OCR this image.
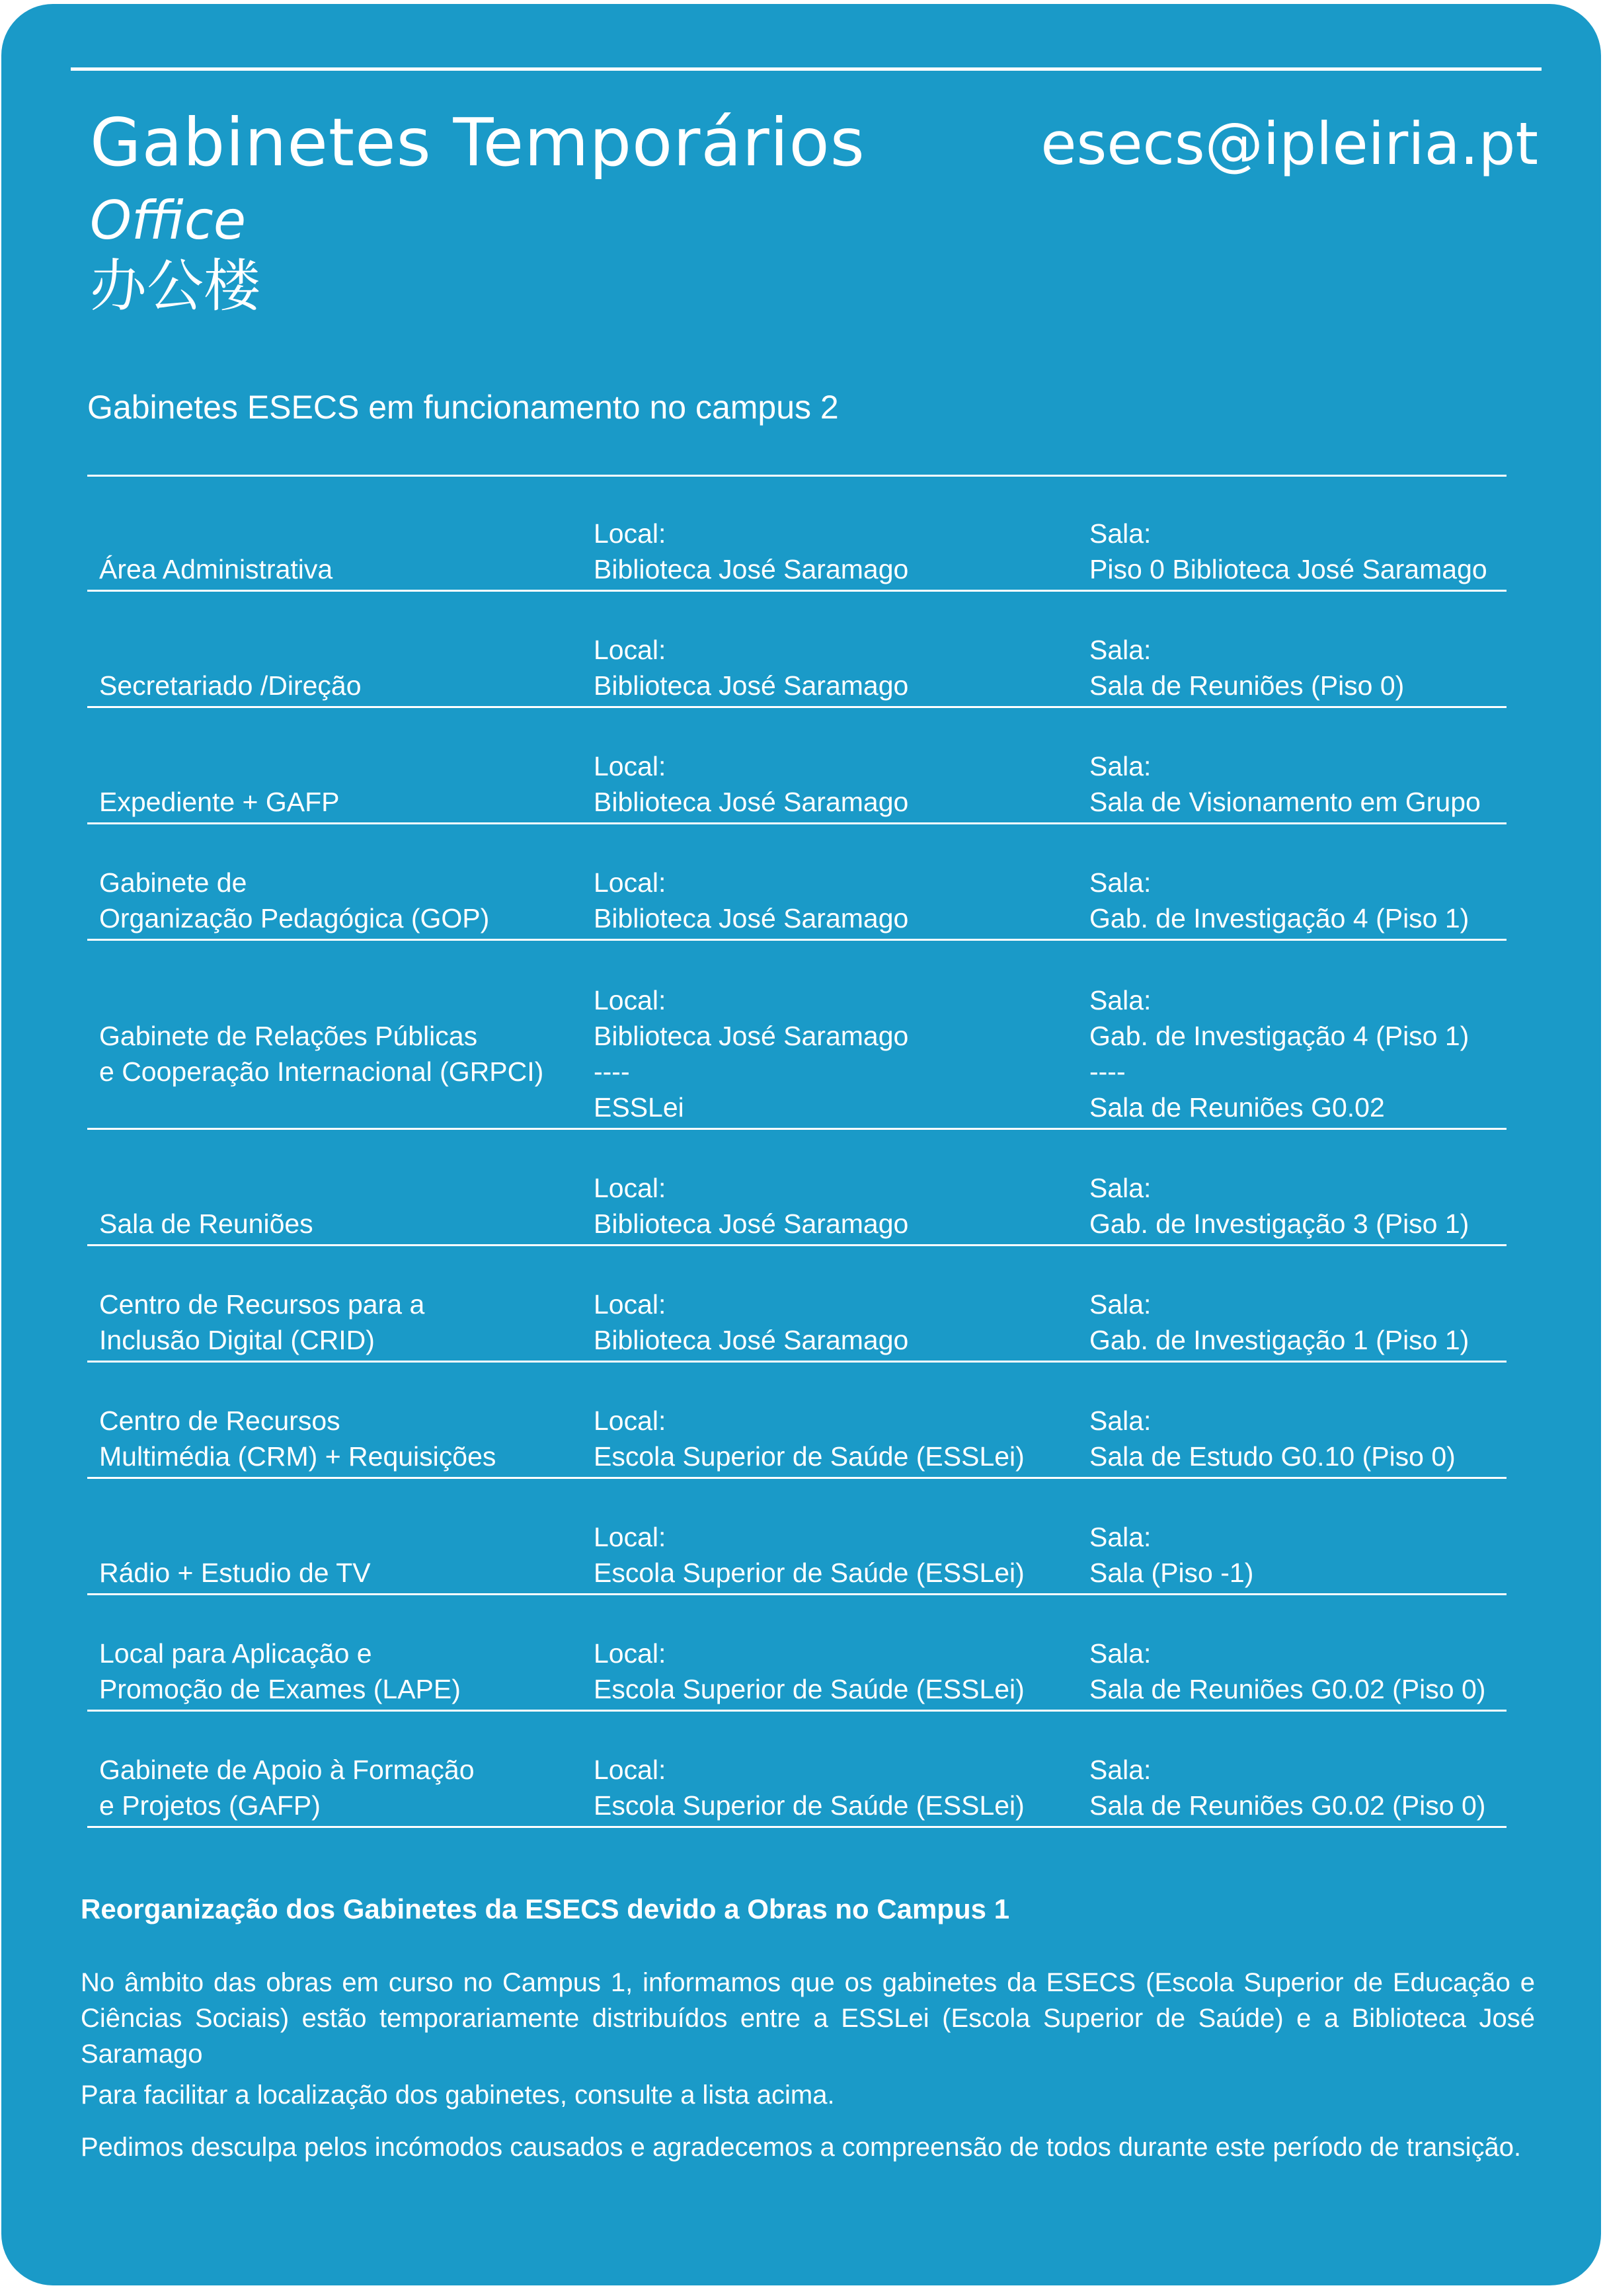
Gabinetes Temporários
Office
办公楼
esecs@ipleiria.pt
Gabinetes ESECS em funcionamento no campus 2
Área Administrativa
Local:
Biblioteca José Saramago
Sala:
Piso 0 Biblioteca José Saramago
Secretariado /Direção
Local:
Biblioteca José Saramago
Sala:
Sala de Reuniões (Piso 0)
Expediente + GAFP
Local:
Biblioteca José Saramago
Sala:
Sala de Visionamento em Grupo
Gabinete de
Organização Pedagógica (GOP)
Local:
Biblioteca José Saramago
Sala:
Gab. de Investigação 4 (Piso 1)
Gabinete de Relações Públicas
e Cooperação Internacional (GRPCI)

Local:
Biblioteca José Saramago
----
ESSLei
Sala:
Gab. de Investigação 4 (Piso 1)
----
Sala de Reuniões G0.02
Sala de Reuniões
Local:
Biblioteca José Saramago
Sala:
Gab. de Investigação 3 (Piso 1)
Centro de Recursos para a
Inclusão Digital (CRID)
Local:
Biblioteca José Saramago
Sala:
Gab. de Investigação 1 (Piso 1)
Centro de Recursos
Multimédia (CRM) + Requisições
Local:
Escola Superior de Saúde (ESSLei)
Sala:
Sala de Estudo G0.10 (Piso 0)
Rádio + Estudio de TV
Local:
Escola Superior de Saúde (ESSLei)
Sala:
Sala (Piso -1)
Local para Aplicação e
Promoção de Exames (LAPE)
Local:
Escola Superior de Saúde (ESSLei)
Sala:
Sala de Reuniões G0.02 (Piso 0)
Gabinete de Apoio à Formação
e Projetos (GAFP)
Local:
Escola Superior de Saúde (ESSLei)
Sala:
Sala de Reuniões G0.02 (Piso 0)
Reorganização dos Gabinetes da ESECS devido a Obras no Campus 1
No âmbito das obras em curso no Campus 1, informamos que os gabinetes da ESECS (Escola Superior de Educação e Ciências Sociais) estão temporariamente distribuídos entre a ESSLei (Escola Superior de Saúde) e a Biblioteca José Saramago
Para facilitar a localização dos gabinetes, consulte a lista acima.
Pedimos desculpa pelos incómodos causados e agradecemos a compreensão de todos durante este período de transição.
